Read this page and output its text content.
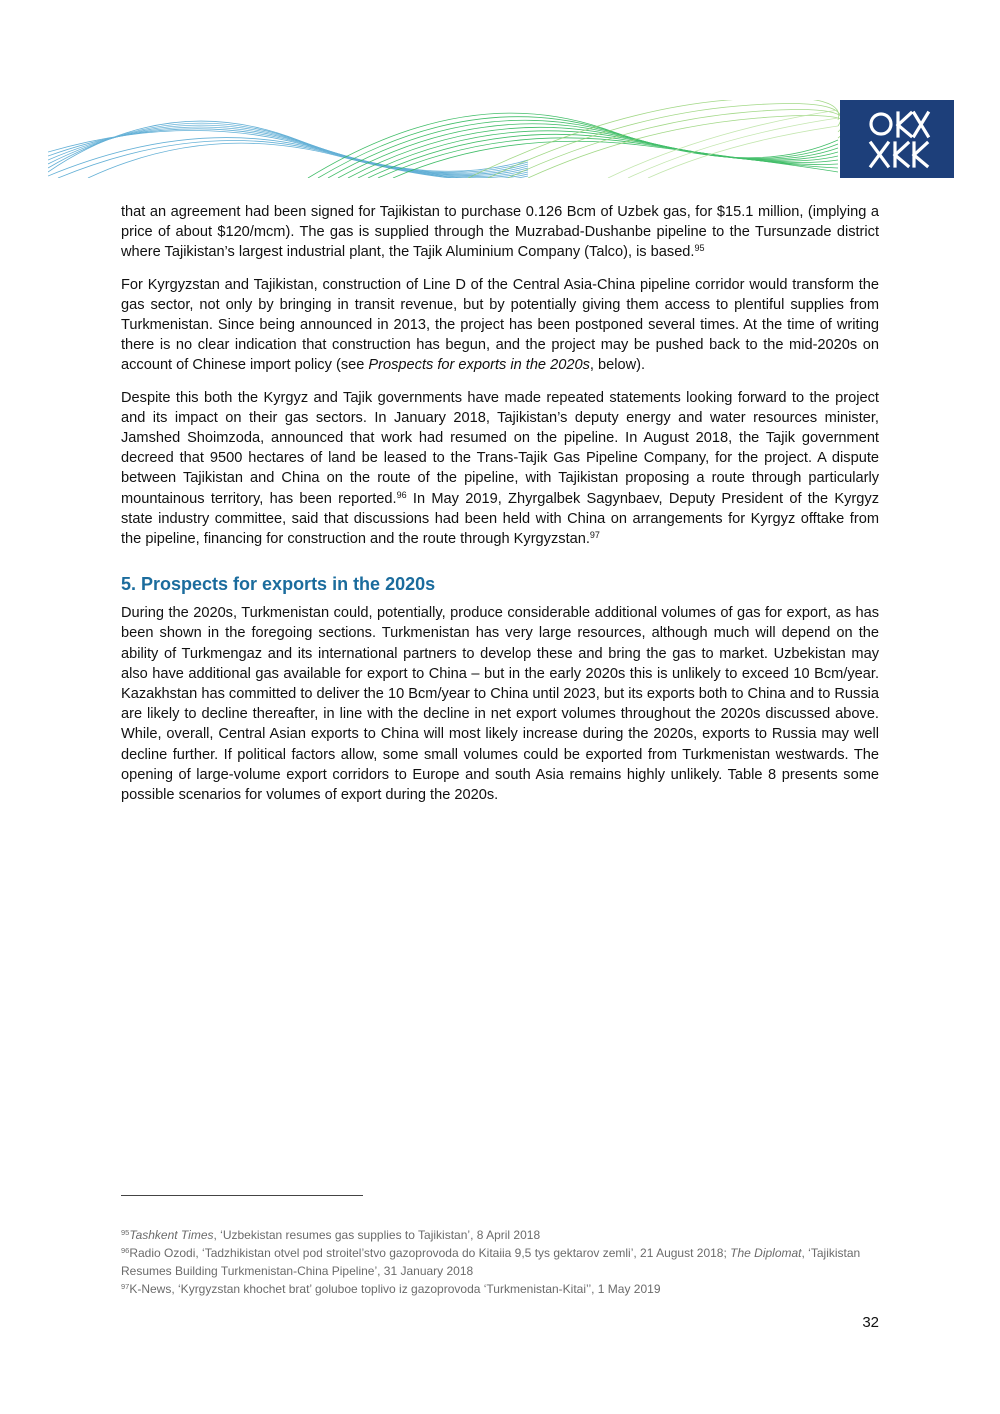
that an agreement had been signed for Tajikistan to purchase 0.126 Bcm of Uzbek gas, for $15.1 million, (implying a price of about $120/mcm). The gas is supplied through the Muzrabad-Dushanbe pipeline to the Tursunzade district where Tajikistan’s largest industrial plant, the Tajik Aluminium Company (Talco), is based.$^{95}$

For Kyrgyzstan and Tajikistan, construction of Line D of the Central Asia-China pipeline corridor would transform the gas sector, not only by bringing in transit revenue, but by potentially giving them access to plentiful supplies from Turkmenistan. Since being announced in 2013, the project has been postponed several times. At the time of writing there is no clear indication that construction has begun, and the project may be pushed back to the mid-2020s on account of Chinese import policy (see Prospects for exports in the 2020s, below).

Despite this both the Kyrgyz and Tajik governments have made repeated statements looking forward to the project and its impact on their gas sectors. In January 2018, Tajikistan’s deputy energy and water resources minister, Jamshed Shoimzoda, announced that work had resumed on the pipeline. In August 2018, the Tajik government decreed that 9500 hectares of land be leased to the Trans-Tajik Gas Pipeline Company, for the project. A dispute between Tajikistan and China on the route of the pipeline, with Tajikistan proposing a route through particularly mountainous territory, has been reported.$^{96}$ In May 2019, Zhyrgalbek Sagynbaev, Deputy President of the Kyrgyz state industry committee, said that discussions had been held with China on arrangements for Kyrgyz offtake from the pipeline, financing for construction and the route through Kyrgyzstan.$^{97}$

5. Prospects for exports in the 2020s

During the 2020s, Turkmenistan could, potentially, produce considerable additional volumes of gas for export, as has been shown in the foregoing sections. Turkmenistan has very large resources, although much will depend on the ability of Turkmengaz and its international partners to develop these and bring the gas to market. Uzbekistan may also have additional gas available for export to China – but in the early 2020s this is unlikely to exceed 10 Bcm/year. Kazakhstan has committed to deliver the 10 Bcm/year to China until 2023, but its exports both to China and to Russia are likely to decline thereafter, in line with the decline in net export volumes throughout the 2020s discussed above. While, overall, Central Asian exports to China will most likely increase during the 2020s, exports to Russia may well decline further. If political factors allow, some small volumes could be exported from Turkmenistan westwards. The opening of large-volume export corridors to Europe and south Asia remains highly unlikely. Table 8 presents some possible scenarios for volumes of export during the 2020s.

$^{95}$Tashkent Times, ‘Uzbekistan resumes gas supplies to Tajikistan’, 8 April 2018

$^{96}$Radio Ozodi, ‘Tadzhikistan otvel pod stroitel’stvo gazoprovoda do Kitaiia 9,5 tys gektarov zemli’, 21 August 2018; The Diplomat, ‘Tajikistan Resumes Building Turkmenistan-China Pipeline’, 31 January 2018

$^{97}$K-News, ‘Kyrgyzstan khochet brat’ goluboe toplivo iz gazoprovoda ‘Turkmenistan-Kitai’’, 1 May 2019

32
